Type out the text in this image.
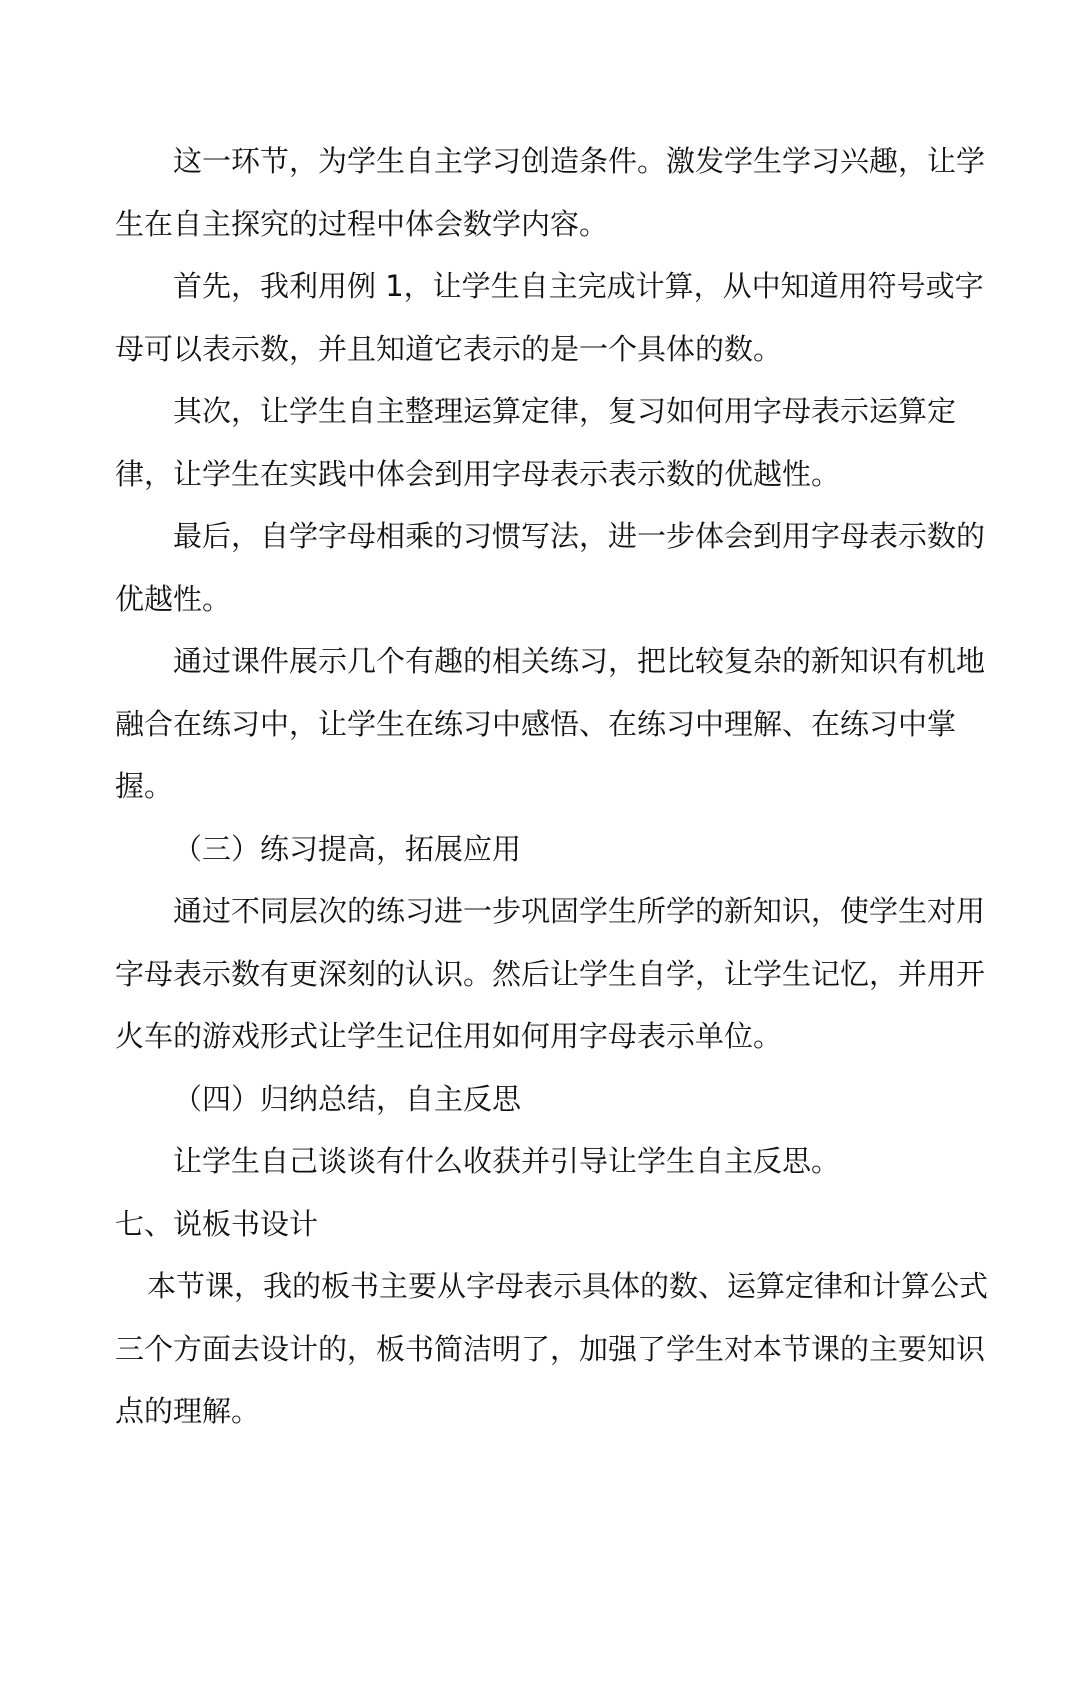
这一环节，为学生自主学习创造条件。激发学生学习兴趣，让学生在自主探究的过程中体会数学内容。

首先，我利用例 1，让学生自主完成计算，从中知道用符号或字母可以表示数，并且知道它表示的是一个具体的数。

其次，让学生自主整理运算定律，复习如何用字母表示运算定律，让学生在实践中体会到用字母表示表示数的优越性。

最后，自学字母相乘的习惯写法，进一步体会到用字母表示数的优越性。

通过课件展示几个有趣的相关练习，把比较复杂的新知识有机地融合在练习中，让学生在练习中感悟、在练习中理解、在练习中掌握。

（三）练习提高，拓展应用

通过不同层次的练习进一步巩固学生所学的新知识，使学生对用字母表示数有更深刻的认识。然后让学生自学，让学生记忆，并用开火车的游戏形式让学生记住用如何用字母表示单位。

（四）归纳总结，自主反思

让学生自己谈谈有什么收获并引导让学生自主反思。

七、说板书设计

本节课，我的板书主要从字母表示具体的数、运算定律和计算公式三个方面去设计的，板书简洁明了，加强了学生对本节课的主要知识点的理解。
